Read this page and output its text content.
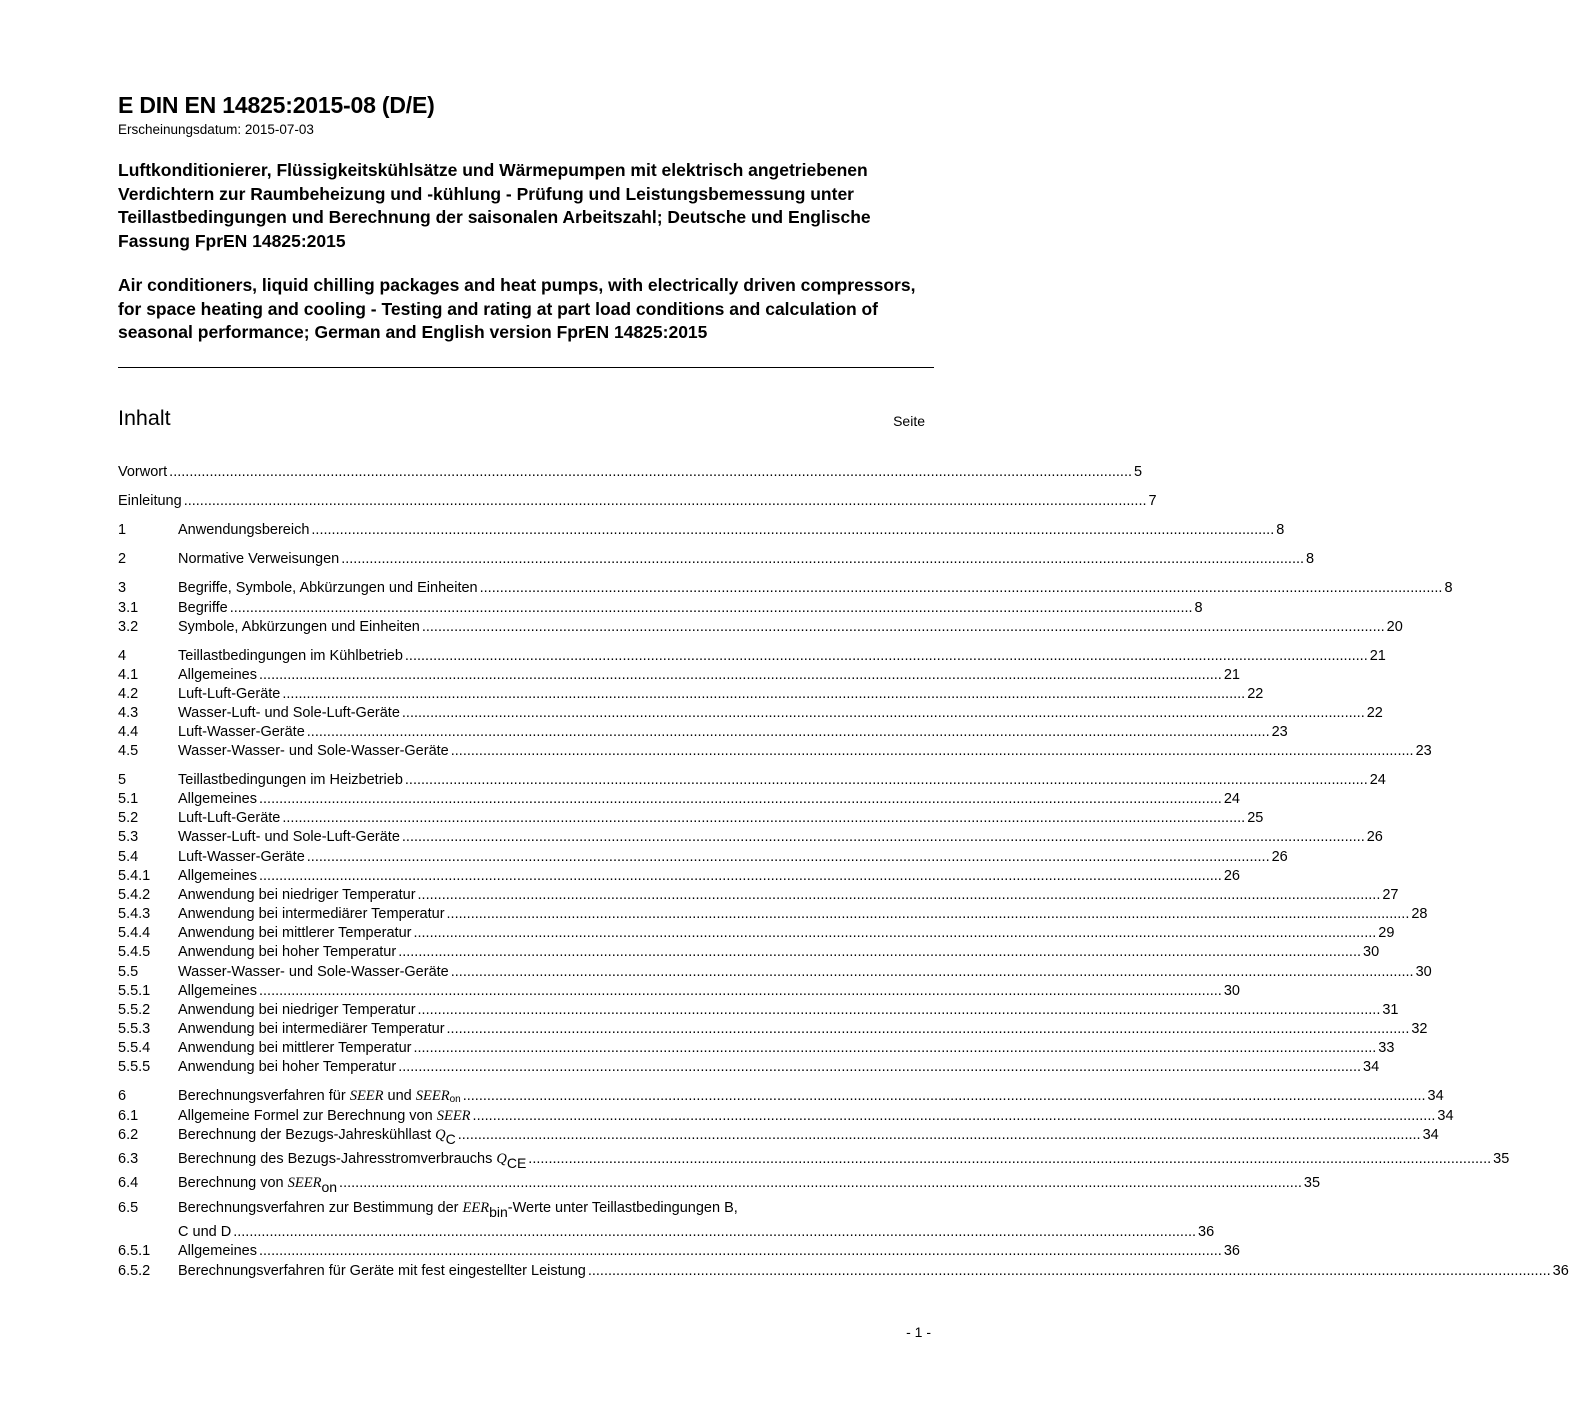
E DIN EN 14825:2015-08 (D/E)
Erscheinungsdatum: 2015-07-03
Luftkonditionierer, Flüssigkeitskühlsätze und Wärmepumpen mit elektrisch angetriebenen Verdichtern zur Raumbeheizung und -kühlung - Prüfung und Leistungsbemessung unter Teillastbedingungen und Berechnung der saisonalen Arbeitszahl; Deutsche und Englische Fassung FprEN 14825:2015
Air conditioners, liquid chilling packages and heat pumps, with electrically driven compressors, for space heating and cooling - Testing and rating at part load conditions and calculation of seasonal performance; German and English version FprEN 14825:2015
Inhalt	Seite
Vorwort ............................................................................................................................................................................................................................................... 5
Einleitung ............................................................................................................................................................................................................................................... 7
1	Anwendungsbereich ............................................................................................................................................................................................................................................... 8
2	Normative Verweisungen ............................................................................................................................................................................................................................................... 8
3	Begriffe, Symbole, Abkürzungen und Einheiten ............................................................................................................................................................................................................................................... 8
3.1	Begriffe ............................................................................................................................................................................................................................................... 8
3.2	Symbole, Abkürzungen und Einheiten ............................................................................................................................................................................................................................................... 20
4	Teillastbedingungen im Kühlbetrieb ............................................................................................................................................................................................................................................... 21
4.1	Allgemeines ............................................................................................................................................................................................................................................... 21
4.2	Luft-Luft-Geräte ............................................................................................................................................................................................................................................... 22
4.3	Wasser-Luft- und Sole-Luft-Geräte ............................................................................................................................................................................................................................................... 22
4.4	Luft-Wasser-Geräte ............................................................................................................................................................................................................................................... 23
4.5	Wasser-Wasser- und Sole-Wasser-Geräte ............................................................................................................................................................................................................................................... 23
5	Teillastbedingungen im Heizbetrieb ............................................................................................................................................................................................................................................... 24
5.1	Allgemeines ............................................................................................................................................................................................................................................... 24
5.2	Luft-Luft-Geräte ............................................................................................................................................................................................................................................... 25
5.3	Wasser-Luft- und Sole-Luft-Geräte ............................................................................................................................................................................................................................................... 26
5.4	Luft-Wasser-Geräte ............................................................................................................................................................................................................................................... 26
5.4.1 Allgemeines ............................................................................................................................................................................................................................................... 26
5.4.2 Anwendung bei niedriger Temperatur ............................................................................................................................................................................................................................................... 27
5.4.3 Anwendung bei intermediärer Temperatur ............................................................................................................................................................................................................................................... 28
5.4.4 Anwendung bei mittlerer Temperatur ............................................................................................................................................................................................................................................... 29
5.4.5 Anwendung bei hoher Temperatur ............................................................................................................................................................................................................................................... 30
5.5	Wasser-Wasser- und Sole-Wasser-Geräte ............................................................................................................................................................................................................................................... 30
5.5.1 Allgemeines ............................................................................................................................................................................................................................................... 30
5.5.2 Anwendung bei niedriger Temperatur ............................................................................................................................................................................................................................................... 31
5.5.3 Anwendung bei intermediärer Temperatur ............................................................................................................................................................................................................................................... 32
5.5.4 Anwendung bei mittlerer Temperatur ............................................................................................................................................................................................................................................... 33
5.5.5 Anwendung bei hoher Temperatur ............................................................................................................................................................................................................................................... 34
6	Berechnungsverfahren für SEER und $SEER_{on}$ ............................................................................................................................................................................................................................................... 34
6.1	Allgemeine Formel zur Berechnung von SEER ............................................................................................................................................................................................................................................... 34
6.2	Berechnung der Bezugs-Jahreskühllast QC ............................................................................................................................................................................................................................................... 34
6.3	Berechnung des Bezugs-Jahresstromverbrauchs QCE ............................................................................................................................................................................................................................................... 35
6.4	Berechnung von SEERon ............................................................................................................................................................................................................................................... 35
6.5	Berechnungsverfahren zur Bestimmung der EERbin-Werte unter Teillastbedingungen B,
C und D ............................................................................................................................................................................................................................................... 36
6.5.1 Allgemeines ............................................................................................................................................................................................................................................... 36
6.5.2 Berechnungsverfahren für Geräte mit fest eingestellter Leistung ............................................................................................................................................................................................................................................... 36
- 1 -
